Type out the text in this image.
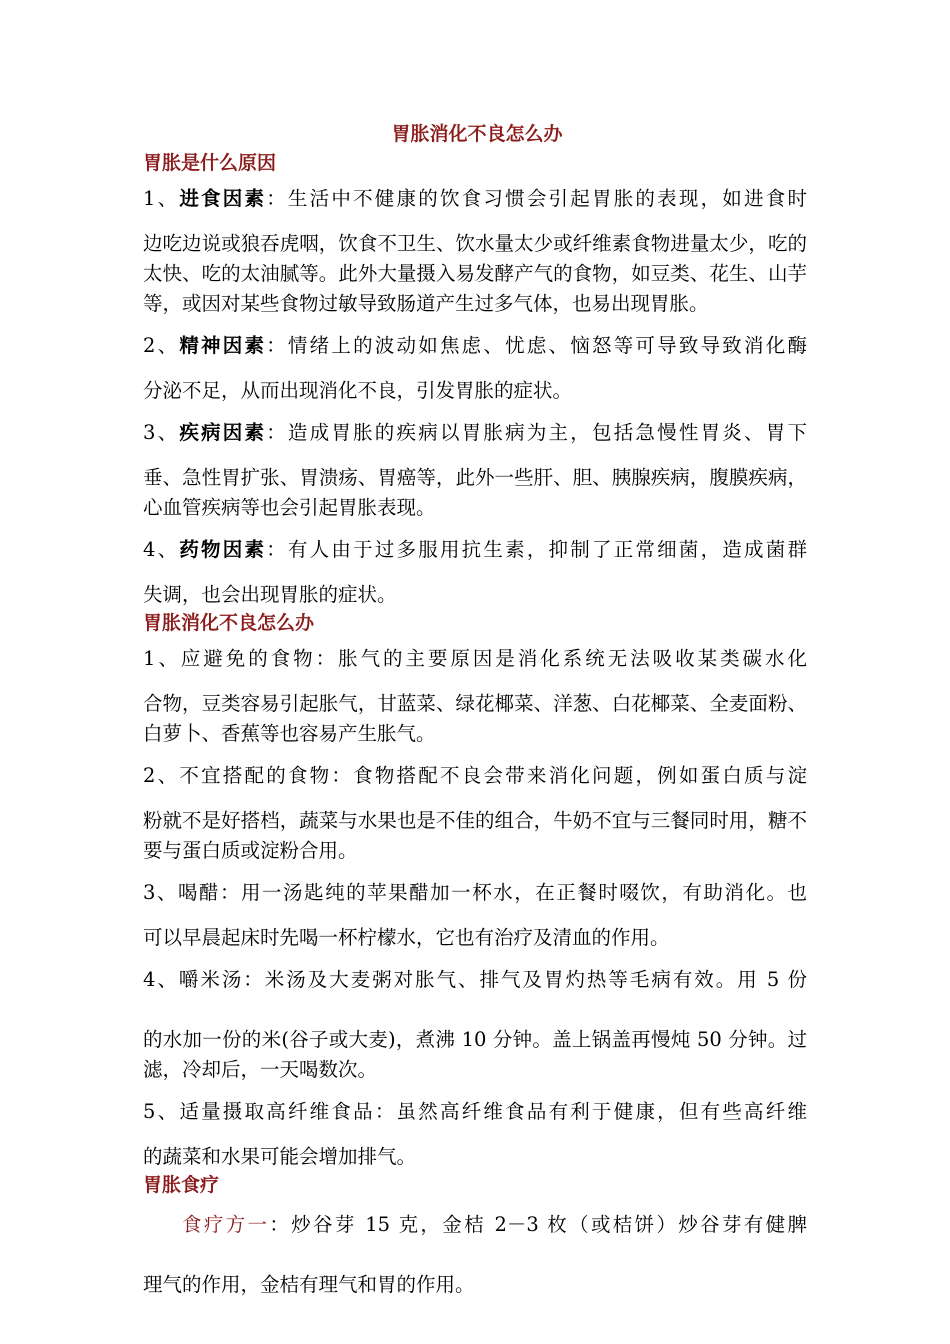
胃胀消化不良怎么办
胃胀是什么原因

1、进食因素：生活中不健康的饮食习惯会引起胃胀的表现，如进食时
边吃边说或狼吞虎咽，饮食不卫生、饮水量太少或纤维素食物进量太少，吃的太快、吃的太油腻等。此外大量摄入易发酵产气的食物，如豆类、花生、山芋等，或因对某些食物过敏导致肠道产生过多气体，也易出现胃胀。

2、精神因素：情绪上的波动如焦虑、忧虑、恼怒等可导致导致消化酶
分泌不足，从而出现消化不良，引发胃胀的症状。

3、疾病因素：造成胃胀的疾病以胃胀病为主，包括急慢性胃炎、胃下
垂、急性胃扩张、胃溃疡、胃癌等，此外一些肝、胆、胰腺疾病，腹膜疾病，心血管疾病等也会引起胃胀表现。

4、药物因素：有人由于过多服用抗生素，抑制了正常细菌，造成菌群
失调，也会出现胃胀的症状。

胃胀消化不良怎么办

1、应避免的食物：胀气的主要原因是消化系统无法吸收某类碳水化
合物，豆类容易引起胀气，甘蓝菜、绿花椰菜、洋葱、白花椰菜、全麦面粉、白萝卜、香蕉等也容易产生胀气。

2、不宜搭配的食物：食物搭配不良会带来消化问题，例如蛋白质与淀
粉就不是好搭档，蔬菜与水果也是不佳的组合，牛奶不宜与三餐同时用，糖不要与蛋白质或淀粉合用。

3、喝醋：用一汤匙纯的苹果醋加一杯水，在正餐时啜饮，有助消化。也
可以早晨起床时先喝一杯柠檬水，它也有治疗及清血的作用。

4、嚼米汤：米汤及大麦粥对胀气、排气及胃灼热等毛病有效。用 5 份
的水加一份的米(谷子或大麦)，煮沸 10 分钟。盖上锅盖再慢炖 50 分钟。过滤，冷却后，一天喝数次。

5、适量摄取高纤维食品：虽然高纤维食品有利于健康，但有些高纤维
的蔬菜和水果可能会增加排气。

胃胀食疗

食疗方一：炒谷芽 15 克，金桔 2－3 枚（或桔饼）炒谷芽有健脾
理气的作用，金桔有理气和胃的作用。
